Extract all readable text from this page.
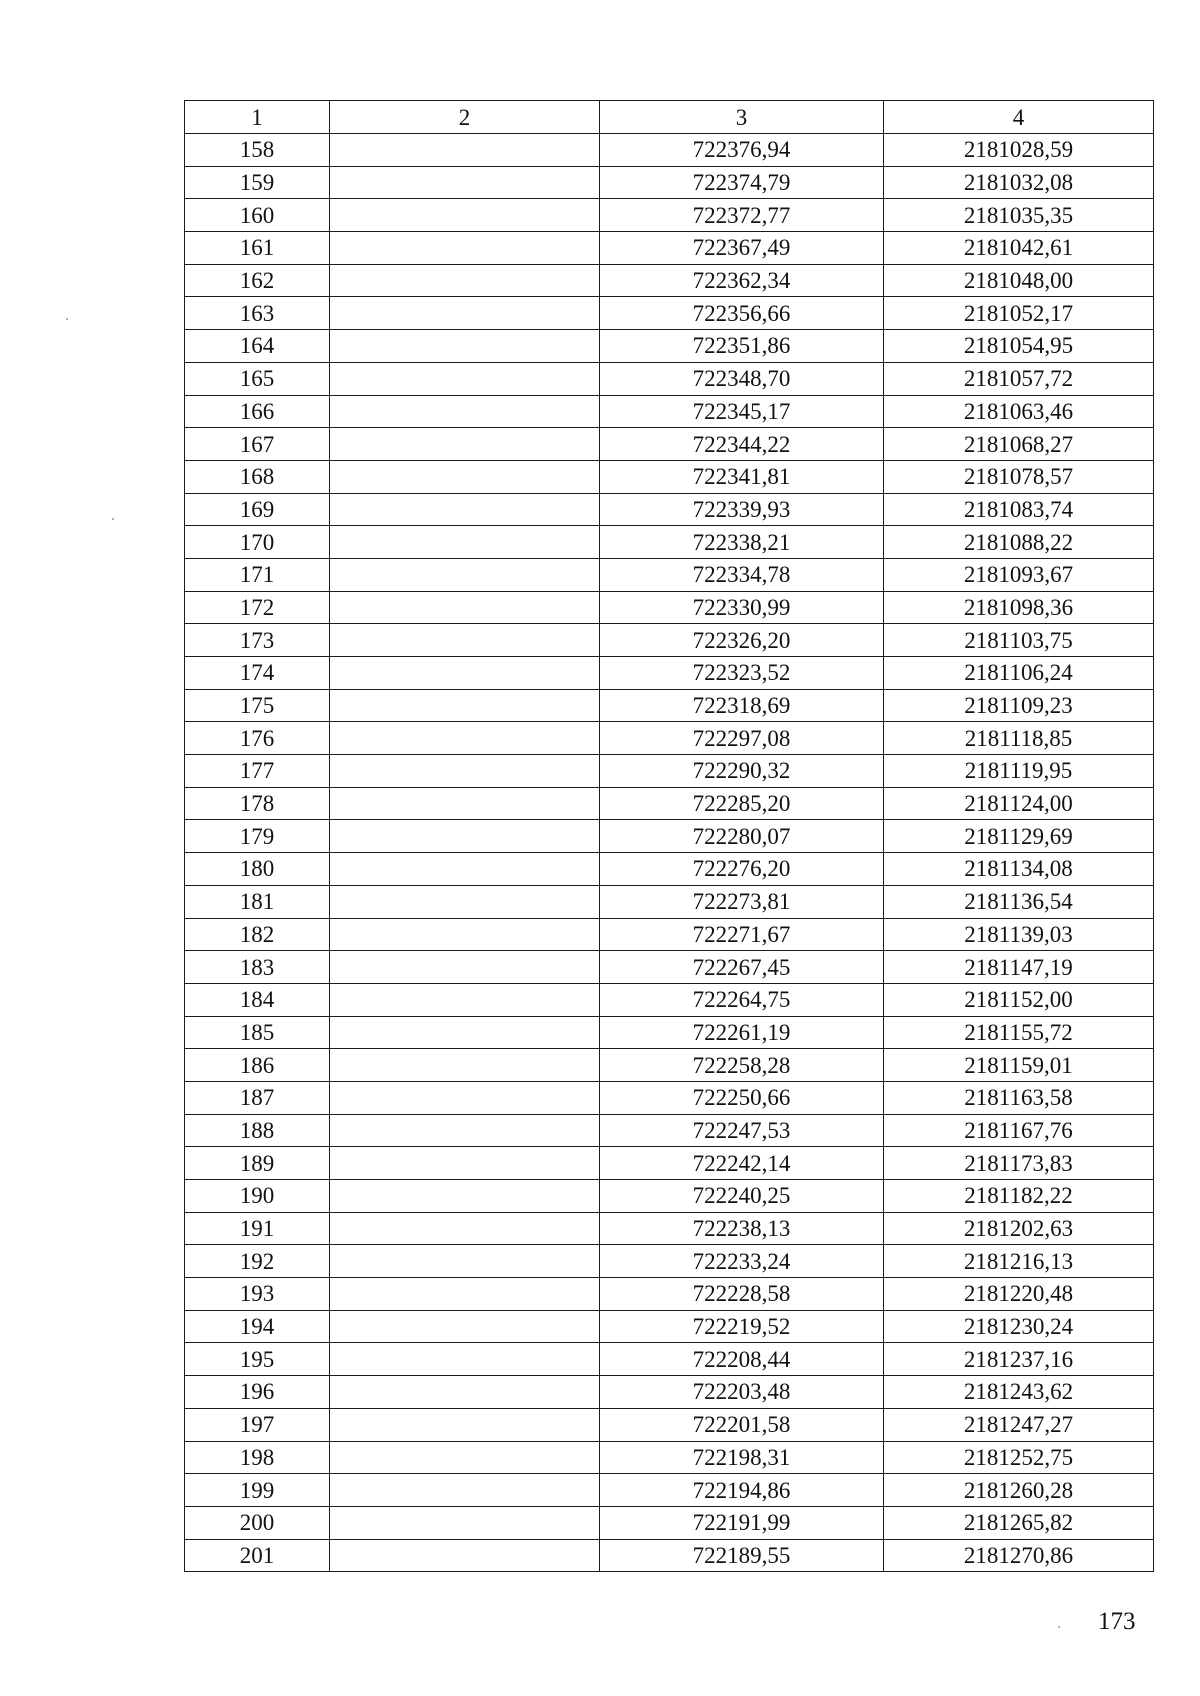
1	2	3	4
158		722376,94	2181028,59
159		722374,79	2181032,08
160		722372,77	2181035,35
161		722367,49	2181042,61
162		722362,34	2181048,00
163		722356,66	2181052,17
164		722351,86	2181054,95
165		722348,70	2181057,72
166		722345,17	2181063,46
167		722344,22	2181068,27
168		722341,81	2181078,57
169		722339,93	2181083,74
170		722338,21	2181088,22
171		722334,78	2181093,67
172		722330,99	2181098,36
173		722326,20	2181103,75
174		722323,52	2181106,24
175		722318,69	2181109,23
176		722297,08	2181118,85
177		722290,32	2181119,95
178		722285,20	2181124,00
179		722280,07	2181129,69
180		722276,20	2181134,08
181		722273,81	2181136,54
182		722271,67	2181139,03
183		722267,45	2181147,19
184		722264,75	2181152,00
185		722261,19	2181155,72
186		722258,28	2181159,01
187		722250,66	2181163,58
188		722247,53	2181167,76
189		722242,14	2181173,83
190		722240,25	2181182,22
191		722238,13	2181202,63
192		722233,24	2181216,13
193		722228,58	2181220,48
194		722219,52	2181230,24
195		722208,44	2181237,16
196		722203,48	2181243,62
197		722201,58	2181247,27
198		722198,31	2181252,75
199		722194,86	2181260,28
200		722191,99	2181265,82
201		722189,55	2181270,86
173
